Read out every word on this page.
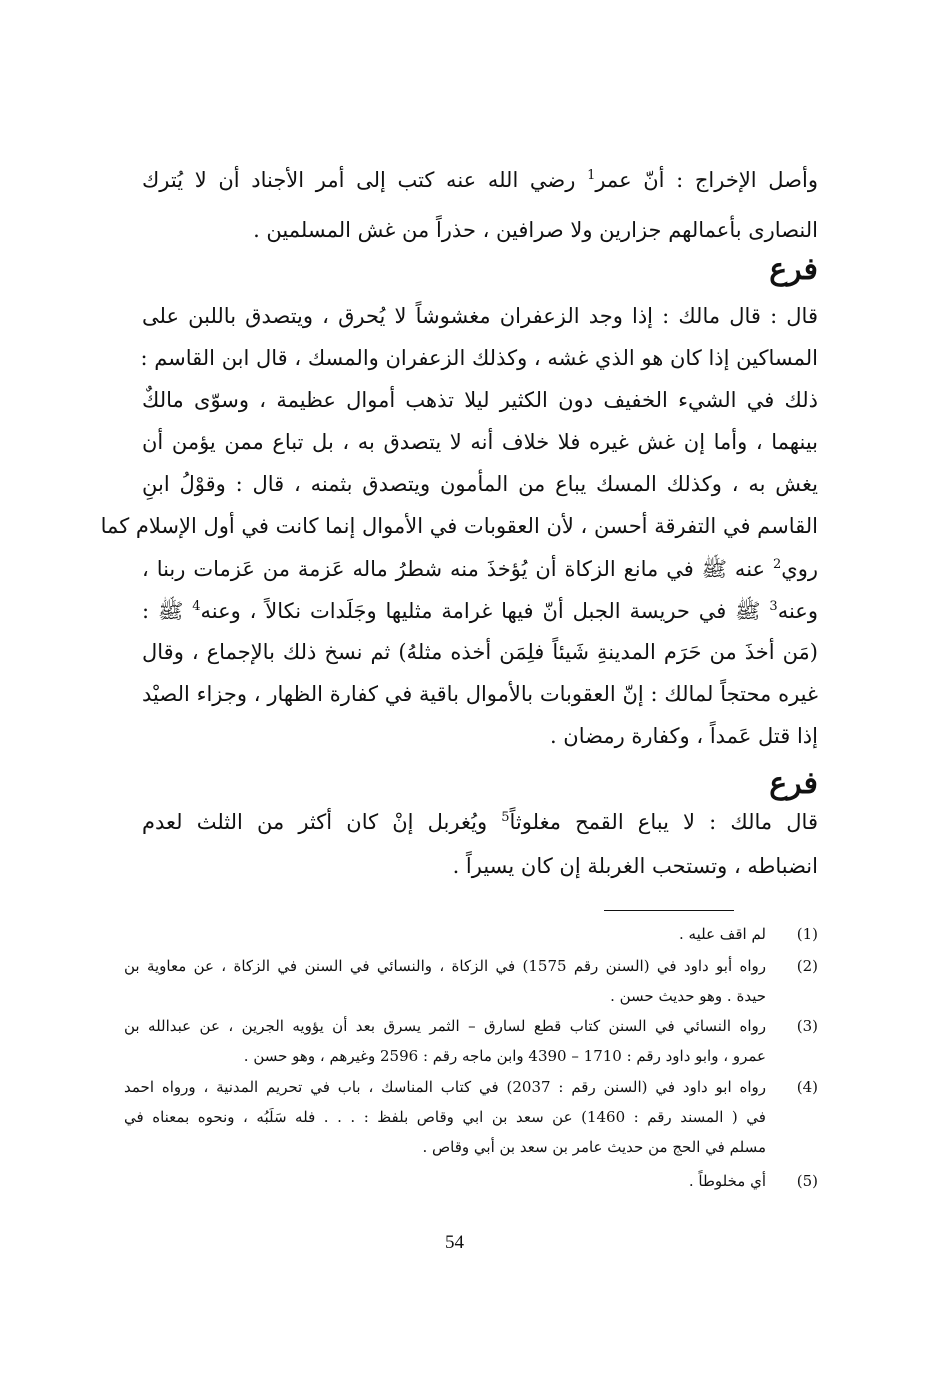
وأصل الإخراج : أنّ عمر$^1$ رضي الله عنه كتب إلى أمر الأجناد أن لا يُترك
النصارى بأعمالهم جزارين ولا صرافين ، حذراً من غش المسلمين .
فرع
قال : قال مالك : إذا وجد الزعفران مغشوشاً لا يُحرق ، ويتصدق باللبن على
المساكين إذا كان هو الذي غشه ، وكذلك الزعفران والمسك ، قال ابن القاسم :
ذلك في الشيء الخفيف دون الكثير ليلا تذهب أموال عظيمة ، وسوّى مالكٌ
بينهما ، وأما إن غش غيره فلا خلاف أنه لا يتصدق به ، بل تباع ممن يؤمن أن
يغش به ، وكذلك المسك يباع من المأمون ويتصدق بثمنه ، قال : وقوْلُ ابنِ
القاسم في التفرقة أحسن ، لأن العقوبات في الأموال إنما كانت في أول الإسلام كما
روي$^2$ عنه ﷺ في مانع الزكاة أن يُؤخذَ منه شطرُ ماله عَزمة من عَزمات ربنا ،
وعنه$^3$ ﷺ في حريسة الجبل أنّ فيها غرامة مثليها وجَلَدات نكالاً ، وعنه$^4$ ﷺ :
(مَن أخذَ من حَرَم المدينةِ شَيئاً فلِمَن أخذه مثلهُ) ثم نسخ ذلك بالإجماع ، وقال
غيره محتجاً لمالك : إنّ العقوبات بالأموال باقية في كفارة الظهار ، وجزاء الصيْد
إذا قتل عَمداً ، وكفارة رمضان .
فرع
قال مالك : لا يباع القمح مغلوثاً$^5$ ويُغربل إنْ كان أكثر من الثلث لعدم
انضباطه ، وتستحب الغربلة إن كان يسيراً .
(1)
لم اقف عليه .
(2)
رواه أبو داود في (السنن رقم 1575) في الزكاة ، والنسائي في السنن في الزكاة ، عن معاوية بن
حيدة . وهو حديث حسن .
(3)
رواه النسائي في السنن كتاب قطع لسارق – الثمر يسرق بعد أن يؤويه الجرين ، عن عبدالله بن
عمرو ، وابو داود رقم : 1710 – 4390 وابن ماجه رقم : 2596 وغيرهم ، وهو حسن .
(4)
رواه ابو داود في (السنن رقم : 2037) في كتاب المناسك ، باب في تحريم المدنية ، ورواه احمد
في ( المسند رقم : 1460) عن سعد بن ابي وقاص بلفظ : . . . فله سَلَبُه ، ونحوه بمعناه في
مسلم في الحج من حديث عامر بن سعد بن أبي وقاص .
(5)
أي مخلوطاً .
54
